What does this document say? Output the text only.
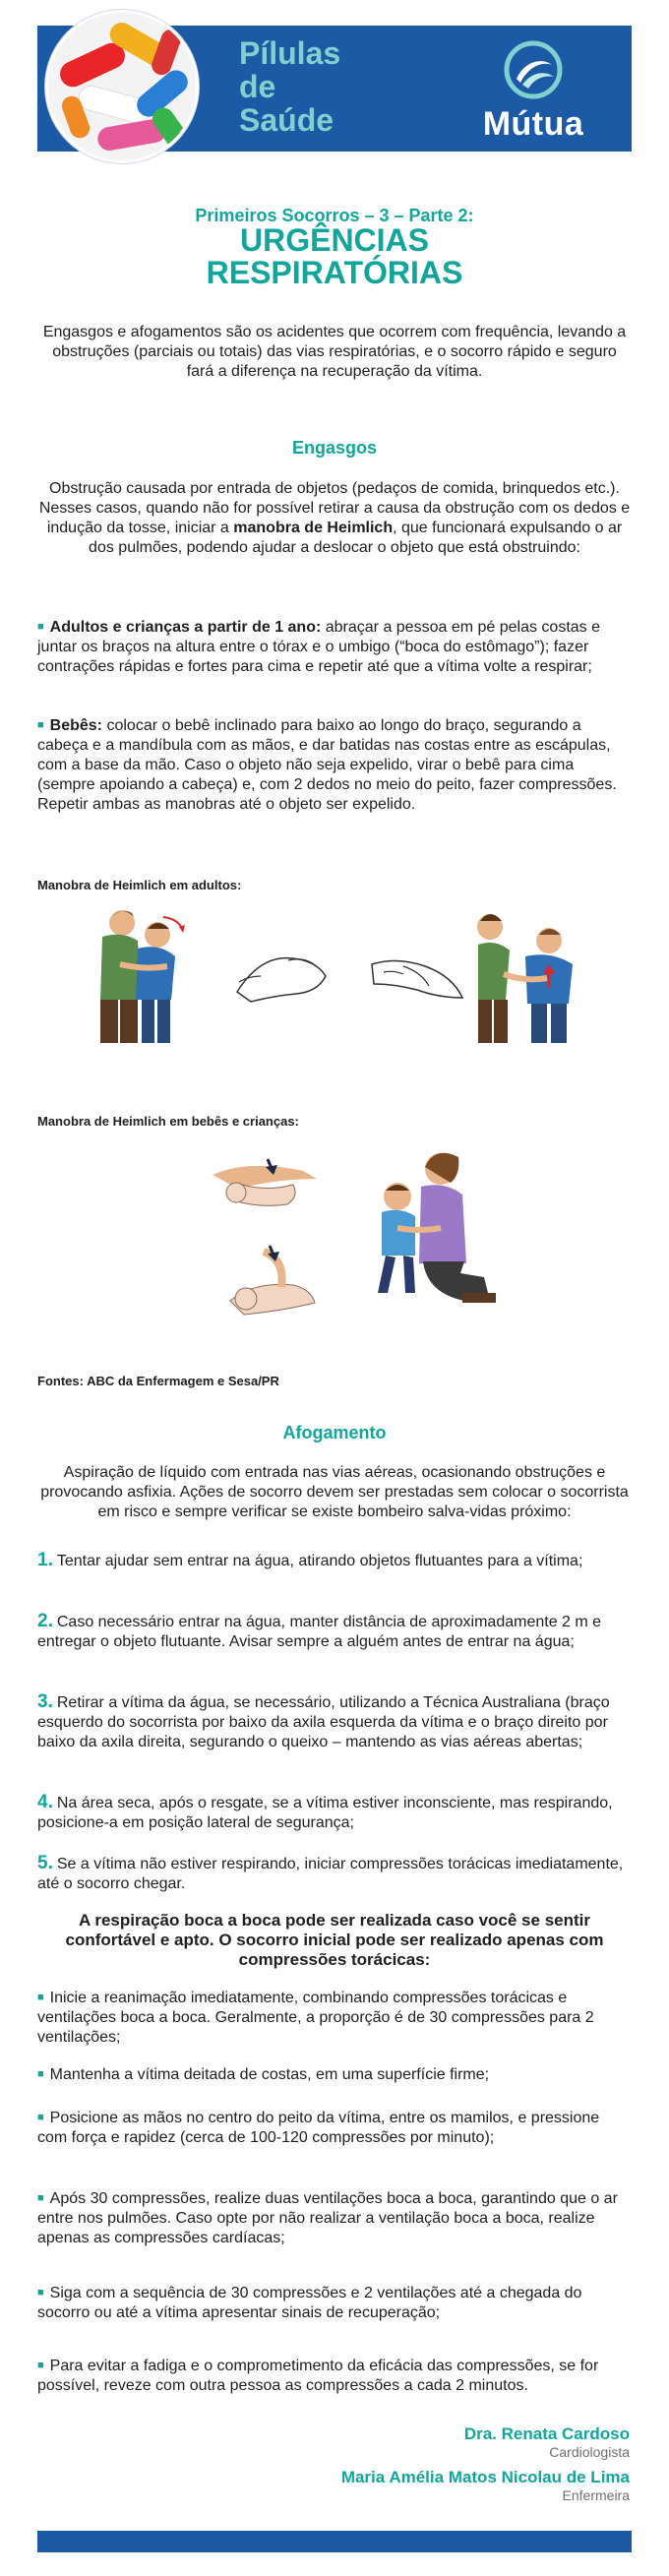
Pílulas
de
Saúde	Mútua
Primeiros Socorros – 3 – Parte 2:
URGÊNCIAS
RESPIRATÓRIAS

Engasgos e afogamentos são os acidentes que ocorrem com frequência, levando a obstruções (parciais ou totais) das vias respiratórias, e o socorro rápido e seguro fará a diferença na recuperação da vítima.

Engasgos

Obstrução causada por entrada de objetos (pedaços de comida, brinquedos etc.). Nesses casos, quando não for possível retirar a causa da obstrução com os dedos e indução da tosse, iniciar a manobra de Heimlich, que funcionará expulsando o ar dos pulmões, podendo ajudar a deslocar o objeto que está obstruindo:

■ Adultos e crianças a partir de 1 ano: abraçar a pessoa em pé pelas costas e juntar os braços na altura entre o tórax e o umbigo (“boca do estômago”); fazer contrações rápidas e fortes para cima e repetir até que a vítima volte a respirar;

■ Bebês: colocar o bebê inclinado para baixo ao longo do braço, segurando a cabeça e a mandíbula com as mãos, e dar batidas nas costas entre as escápulas, com a base da mão. Caso o objeto não seja expelido, virar o bebê para cima (sempre apoiando a cabeça) e, com 2 dedos no meio do peito, fazer compressões. Repetir ambas as manobras até o objeto ser expelido.

Manobra de Heimlich em adultos:
Manobra de Heimlich em bebês e crianças:
Fontes: ABC da Enfermagem e Sesa/PR
Afogamento

Aspiração de líquido com entrada nas vias aéreas, ocasionando obstruções e provocando asfixia. Ações de socorro devem ser prestadas sem colocar o socorrista em risco e sempre verificar se existe bombeiro salva-vidas próximo:

1. Tentar ajudar sem entrar na água, atirando objetos flutuantes para a vítima;

2. Caso necessário entrar na água, manter distância de aproximadamente 2 m e entregar o objeto flutuante. Avisar sempre a alguém antes de entrar na água;

3. Retirar a vítima da água, se necessário, utilizando a Técnica Australiana (braço esquerdo do socorrista por baixo da axila esquerda da vítima e o braço direito por baixo da axila direita, segurando o queixo – mantendo as vias aéreas abertas;

4. Na área seca, após o resgate, se a vítima estiver inconsciente, mas respirando, posicione-a em posição lateral de segurança;

5. Se a vítima não estiver respirando, iniciar compressões torácicas imediatamente, até o socorro chegar.

A respiração boca a boca pode ser realizada caso você se sentir confortável e apto. O socorro inicial pode ser realizado apenas com compressões torácicas:

■ Inicie a reanimação imediatamente, combinando compressões torácicas e ventilações boca a boca. Geralmente, a proporção é de 30 compressões para 2 ventilações;

■ Mantenha a vítima deitada de costas, em uma superfície firme;

■ Posicione as mãos no centro do peito da vítima, entre os mamilos, e pressione com força e rapidez (cerca de 100-120 compressões por minuto);

■ Após 30 compressões, realize duas ventilações boca a boca, garantindo que o ar entre nos pulmões. Caso opte por não realizar a ventilação boca a boca, realize apenas as compressões cardíacas;

■ Siga com a sequência de 30 compressões e 2 ventilações até a chegada do socorro ou até a vítima apresentar sinais de recuperação;

■ Para evitar a fadiga e o comprometimento da eficácia das compressões, se for possível, reveze com outra pessoa as compressões a cada 2 minutos.

Dra. Renata Cardoso
Cardiologista
Maria Amélia Matos Nicolau de Lima
Enfermeira
